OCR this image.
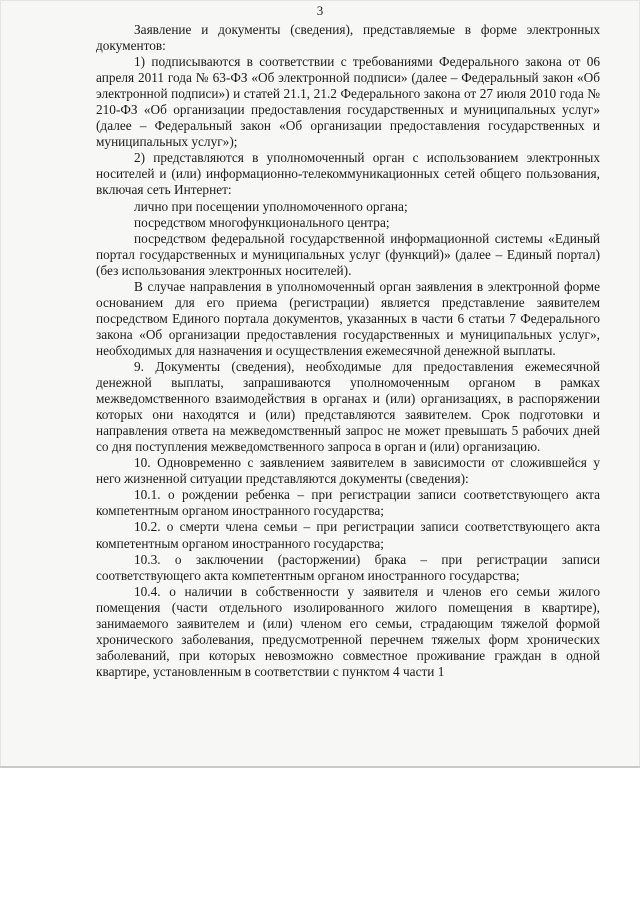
3

Заявление и документы (сведения), представляемые в форме электронных документов:

1) подписываются в соответствии с требованиями Федерального закона от 06 апреля 2011 года № 63-ФЗ «Об электронной подписи» (далее – Федеральный закон «Об электронной подписи») и статей 21.1, 21.2 Федерального закона от 27 июля 2010 года № 210-ФЗ «Об организации предоставления государственных и муниципальных услуг» (далее – Федеральный закон «Об организации предоставления государственных и муниципальных услуг»);

2) представляются в уполномоченный орган с использованием электронных носителей и (или) информационно-телекоммуникационных сетей общего пользования, включая сеть Интернет:

лично при посещении уполномоченного органа;

посредством многофункционального центра;

посредством федеральной государственной информационной системы «Единый портал государственных и муниципальных услуг (функций)» (далее – Единый портал) (без использования электронных носителей).

В случае направления в уполномоченный орган заявления в электронной форме основанием для его приема (регистрации) является представление заявителем посредством Единого портала документов, указанных в части 6 статьи 7 Федерального закона «Об организации предоставления государственных и муниципальных услуг», необходимых для назначения и осуществления ежемесячной денежной выплаты.

9. Документы (сведения), необходимые для предоставления ежемесячной денежной выплаты, запрашиваются уполномоченным органом в рамках межведомственного взаимодействия в органах и (или) организациях, в распоряжении которых они находятся и (или) представляются заявителем. Срок подготовки и направления ответа на межведомственный запрос не может превышать 5 рабочих дней со дня поступления межведомственного запроса в орган и (или) организацию.

10. Одновременно с заявлением заявителем в зависимости от сложившейся у него жизненной ситуации представляются документы (сведения):

10.1. о рождении ребенка – при регистрации записи соответствующего акта компетентным органом иностранного государства;

10.2. о смерти члена семьи – при регистрации записи соответствующего акта компетентным органом иностранного государства;

10.3. о заключении (расторжении) брака – при регистрации записи соответствующего акта компетентным органом иностранного государства;

10.4. о наличии в собственности у заявителя и членов его семьи жилого помещения (части отдельного изолированного жилого помещения в квартире), занимаемого заявителем и (или) членом его семьи, страдающим тяжелой формой хронического заболевания, предусмотренной перечнем тяжелых форм хронических заболеваний, при которых невозможно совместное проживание граждан в одной квартире, установленным в соответствии с пунктом 4 части 1
